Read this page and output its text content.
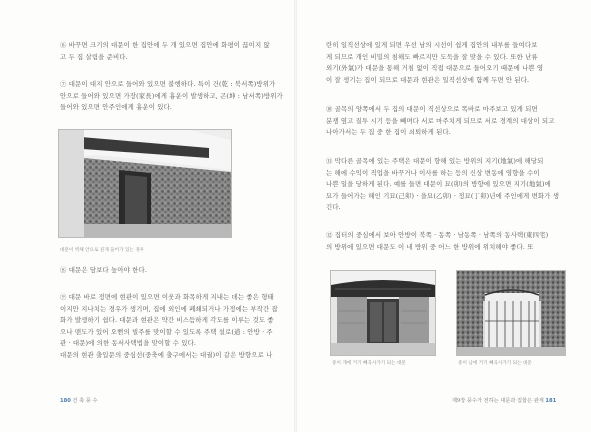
⑥ 바꾸면 크기의 대문이 한 집안에 두 개 있으면 집안에 화평이 끊이지 않
고 두 집 살림을 준비다.
⑦ 대문이 대지 안으로 들어와 있으면 불행하다. 특이 건(乾 : 북서쪽)방위가
안으로 들어와 있으면 가장(家長)에게 흉운이 발생하고, 곤(坤 : 남서쪽)방위가
들어와 있으면 안주인에게 흉운이 있다.
대문이 벽체 안으로 깊게 들어가 있는 경우
⑧ 대문은 담보다 높아야 한다.
⑨ 대문 바로 정면에 현관이 있으면 이웃과 화목하게 지내는 데는 좋은 형태
이지만 지나치는 경우가 생기며, 집에 외인에 폐쇄되거나 가정에는 부작간 잡
화가 발생하기 쉽다. 대문과 현관은 약간 비스듬하게 각도를 이루는 것도 좋
으나 맨도가 있어 오뻔의 빌주를 맞이할 수 있도록 주택 설로(道 : 안방 · 주
관 · 대문)에 의한 동서사택법을 맞이할 수 있다.
대문의 현관 출입문의 중심선(중축에 출구에서는 대궐)이 같은 방향으로 나
180 건 축 풍 수
란히 일직선상에 있게 되면 우선 남의 시선이 쉽게 집안의 내부를 들여다보
게 되므로 개인 비밀의 침해도 빠르지만 도둑을 잘 맞을 수 있다. 또한 난류
외기(外氣)가 대문을 통해 거침 없이 직접 대문으로 들어오기 때문에 나쁜 영
이 잘 생기는 집이 되므로 대문과 현관은 일직선상에 함께 두면 안 된다.
⑩ 골목의 양쪽에서 두 집의 대문이 직선상으로 똑바로 마주보고 있게 되면
분쟁 옆고 질투 시기 등을 빼며다 서로 마주치게 되므로 서로 경계의 대상이 되고
나아가서는 두 집 중 한 집이 쇠퇴하게 된다.
⑪ 막다른 골목에 있는 주택은 대문이 향해 있는 방위의 지기(地氣)에 해당되
는 해에 수익이 직업을 바꾸거나 이사를 하는 등의 신상 변동에 영향을 수이
나쁜 일을 당하게 된다. 예를 들면 대문이 묘(卯)의 방향에 있으면 지기(地氣)에
묘가 들어가는 해인 기묘(己卯) · 을묘(乙卯) · 정묘(丁卯)년에 주인에게 변화가 생
긴다.
⑫ 집터의 중심에서 보아 안방이 북쪽 · 동쪽 · 남동쪽 · 남쪽의 동사택(東四宅)
의 방위에 있으면 대문도 이 네 방위 중 어느 한 방위에 위치해야 좋다. 또
중이 개에 거기 빼곡사가기 되는 대문	중이 남에 거기 빼곡사가기 되는 대문
제9장 풍수가 전하는 대문과 집합은 관계 181
